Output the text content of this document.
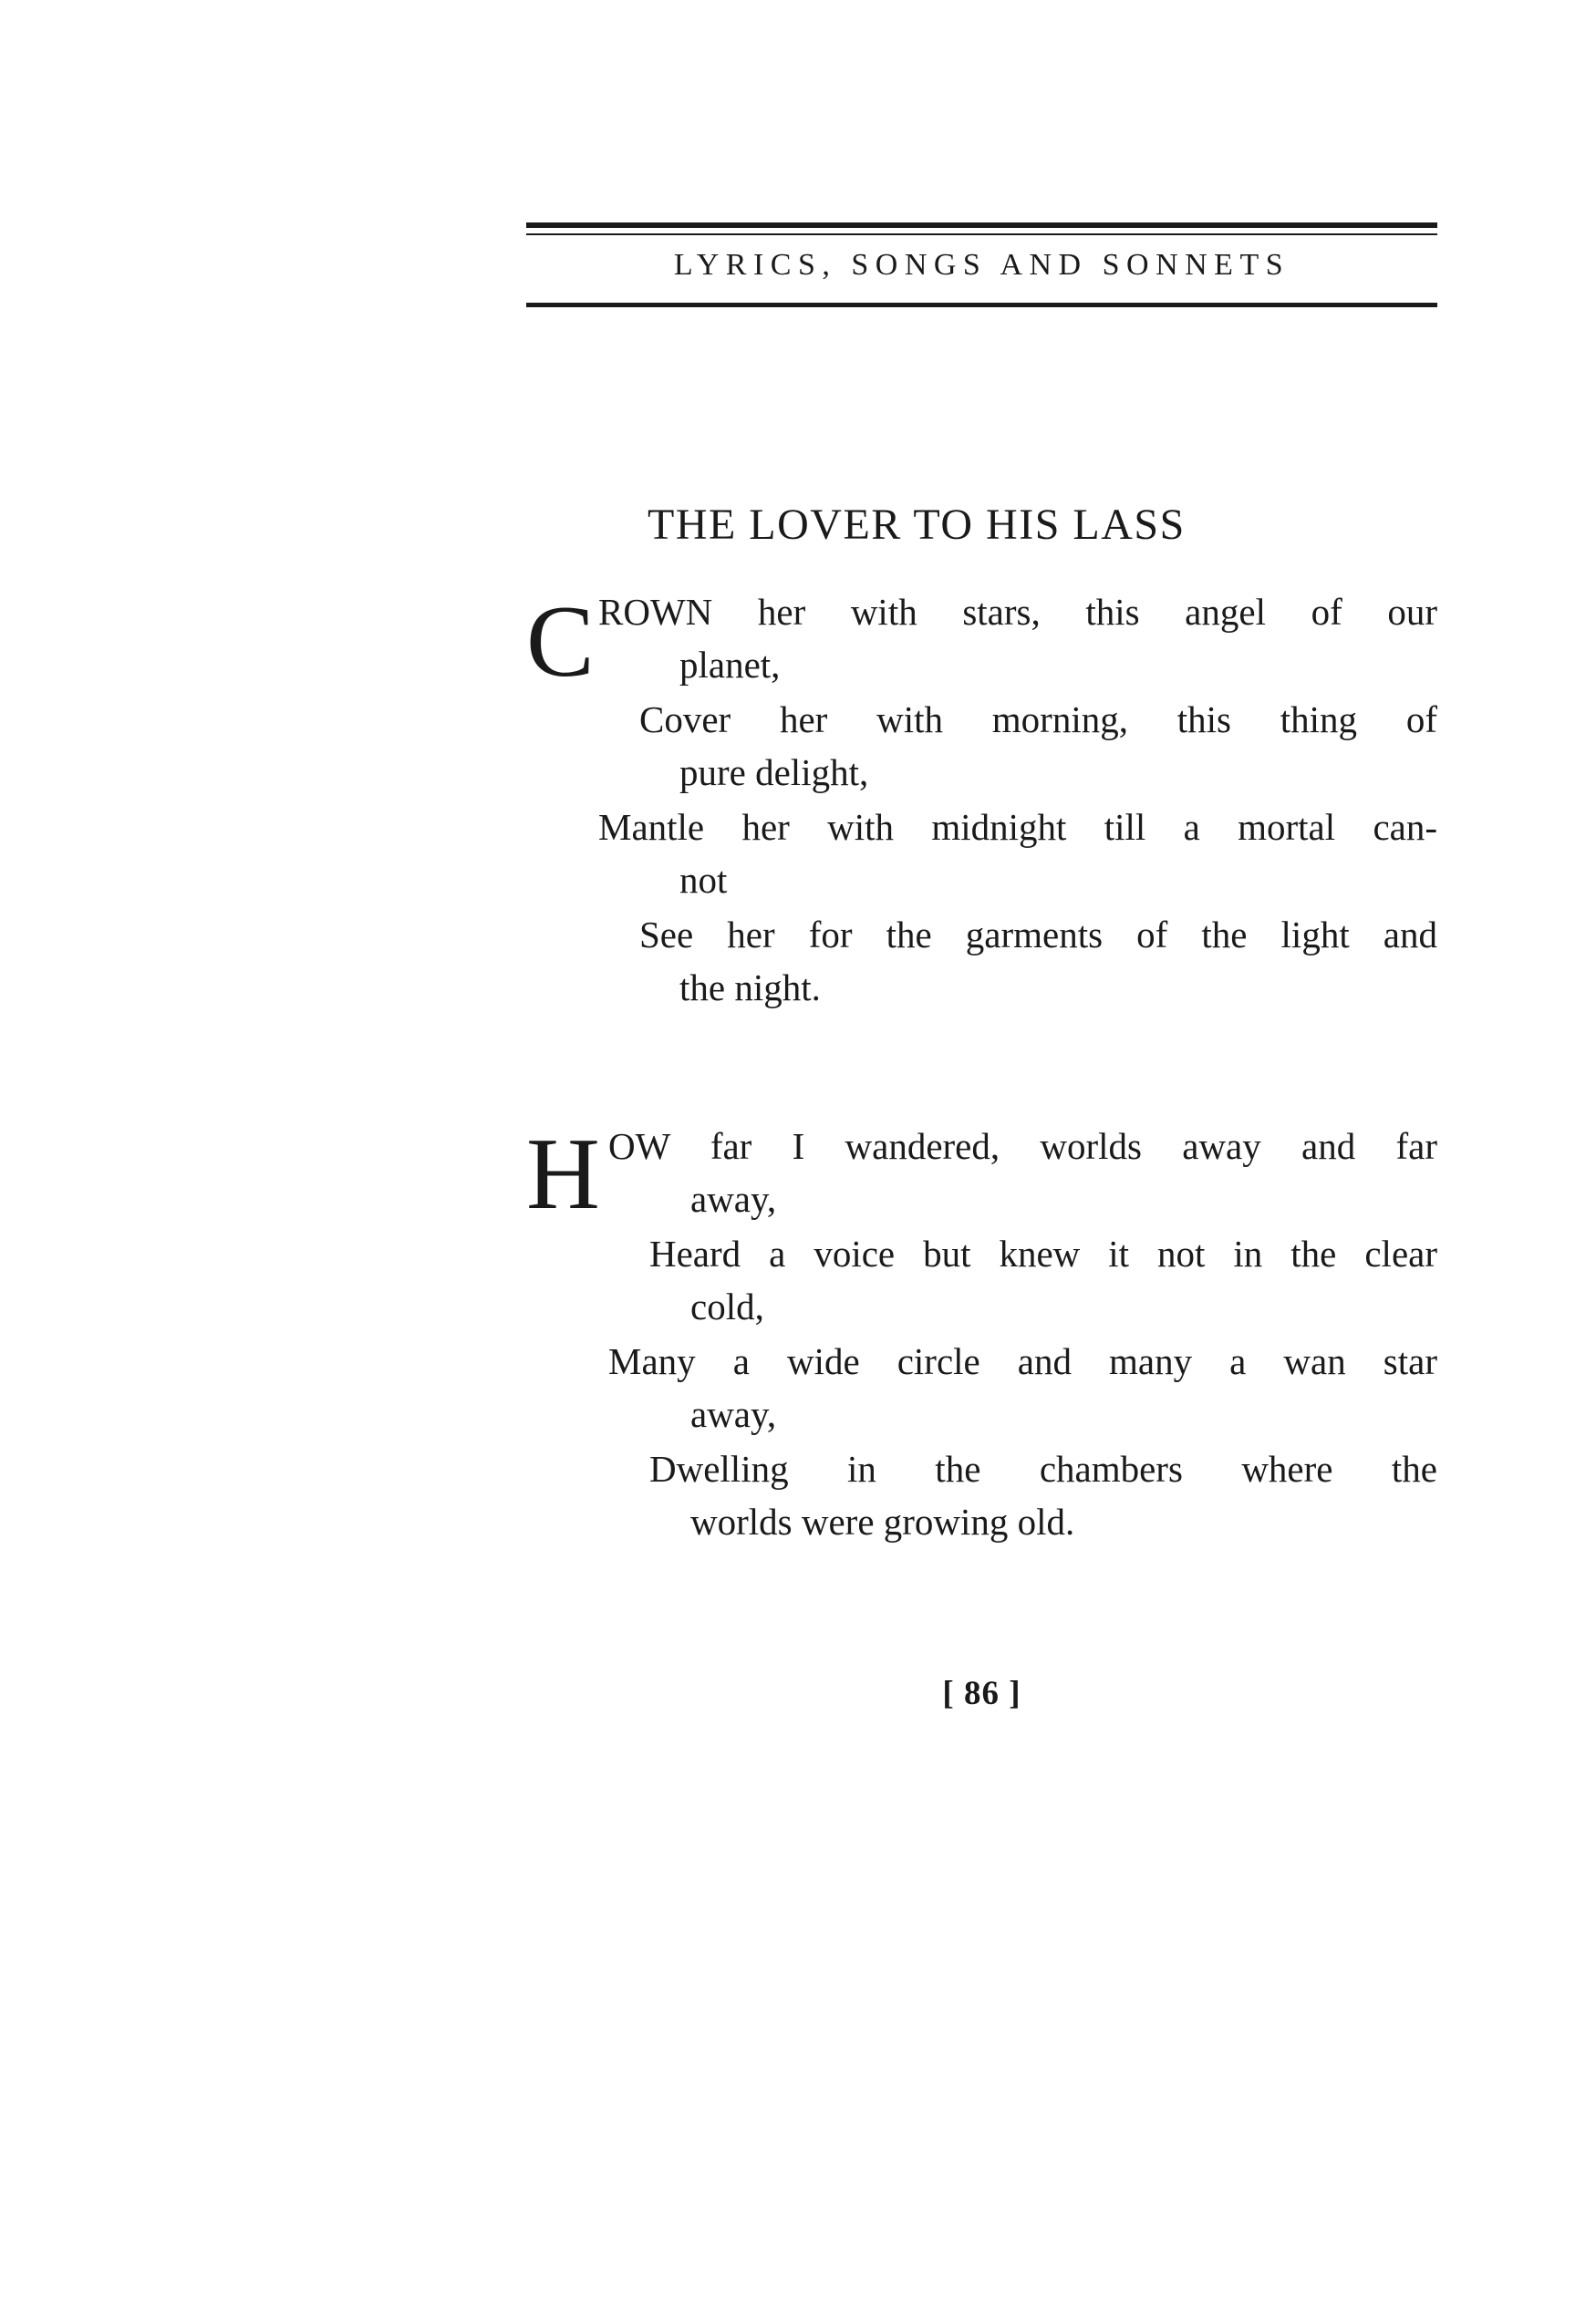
LYRICS, SONGS AND SONNETS
THE LOVER TO HIS LASS
C ROWN her with stars, this angel of our
planet,
Cover her with morning, this thing of
pure delight,
Mantle her with midnight till a mortal can-
not
See her for the garments of the light and
the night.
H OW far I wandered, worlds away and far
away,
Heard a voice but knew it not in the clear
cold,
Many a wide circle and many a wan star
away,
Dwelling in the chambers where the
worlds were growing old.
[ 86 ]
